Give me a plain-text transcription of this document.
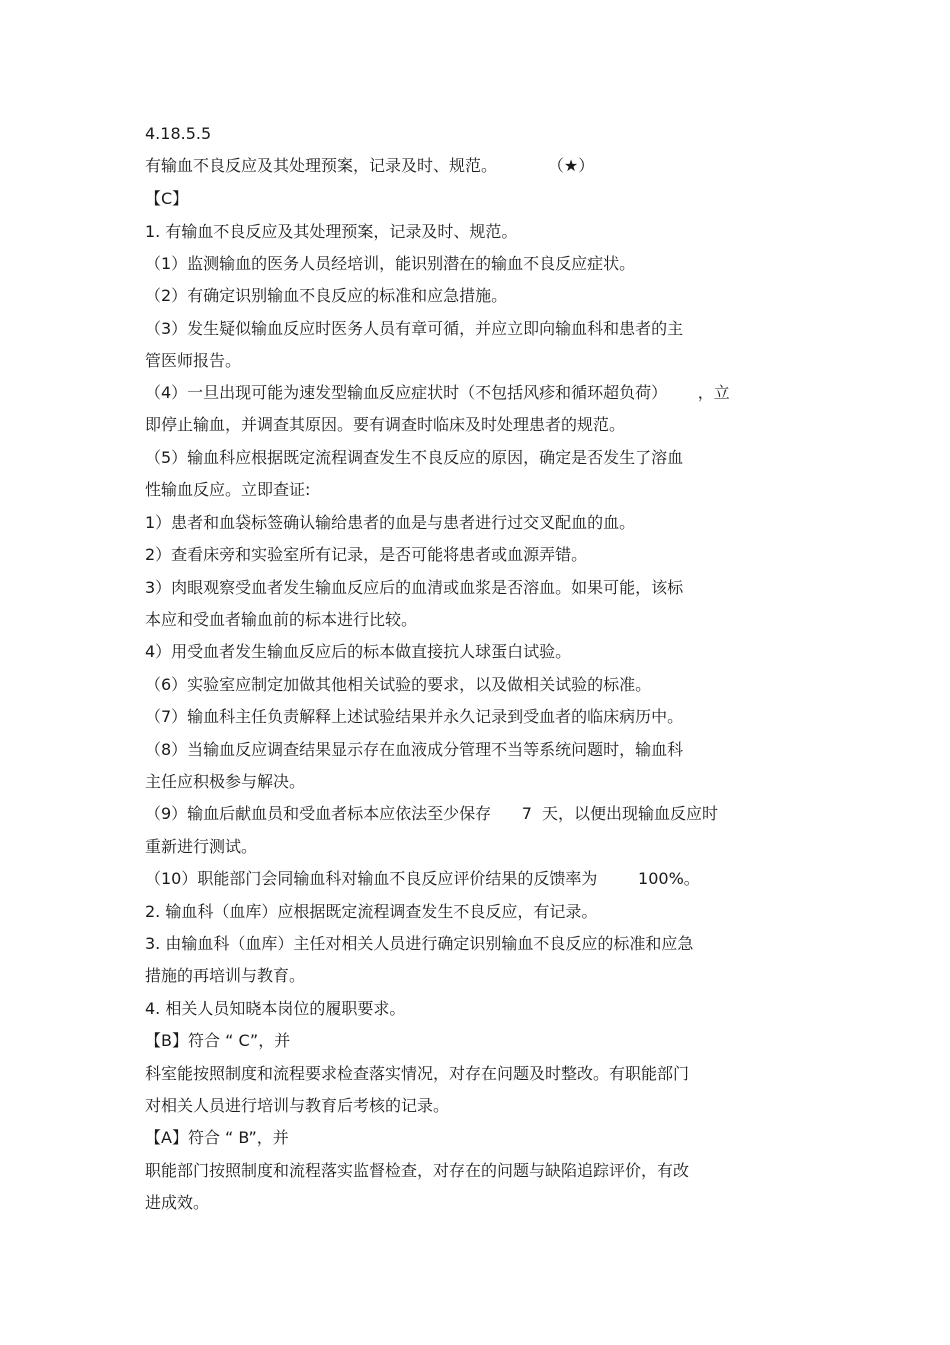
4.18.5.5
有输血不良反应及其处理预案，记录及时、规范。          （★）
【C】
1. 有输血不良反应及其处理预案，记录及时、规范。
（1）监测输血的医务人员经培训，能识别潜在的输血不良反应症状。
（2）有确定识别输血不良反应的标准和应急措施。
（3）发生疑似输血反应时医务人员有章可循，并应立即向输血科和患者的主
管医师报告。
（4）一旦出现可能为速发型输血反应症状时（不包括风疹和循环超负荷）      ，立
即停止输血，并调查其原因。要有调查时临床及时处理患者的规范。
（5）输血科应根据既定流程调查发生不良反应的原因，确定是否发生了溶血
性输血反应。立即查证:
1）患者和血袋标签确认输给患者的血是与患者进行过交叉配血的血。
2）查看床旁和实验室所有记录，是否可能将患者或血源弄错。
3）肉眼观察受血者发生输血反应后的血清或血浆是否溶血。如果可能，该标
本应和受血者输血前的标本进行比较。
4）用受血者发生输血反应后的标本做直接抗人球蛋白试验。
（6）实验室应制定加做其他相关试验的要求，以及做相关试验的标准。
（7）输血科主任负责解释上述试验结果并永久记录到受血者的临床病历中。
（8）当输血反应调查结果显示存在血液成分管理不当等系统问题时，输血科
主任应积极参与解决。
（9）输血后献血员和受血者标本应依法至少保存      7  天，以便出现输血反应时
重新进行测试。
（10）职能部门会同输血科对输血不良反应评价结果的反馈率为        100%。
2. 输血科（血库）应根据既定流程调查发生不良反应，有记录。
3. 由输血科（血库）主任对相关人员进行确定识别输血不良反应的标准和应急
措施的再培训与教育。
4. 相关人员知晓本岗位的履职要求。
【B】符合 “ C”，并
科室能按照制度和流程要求检查落实情况，对存在问题及时整改。有职能部门
对相关人员进行培训与教育后考核的记录。
【A】符合 “ B”，并
职能部门按照制度和流程落实监督检查，对存在的问题与缺陷追踪评价，有改
进成效。
